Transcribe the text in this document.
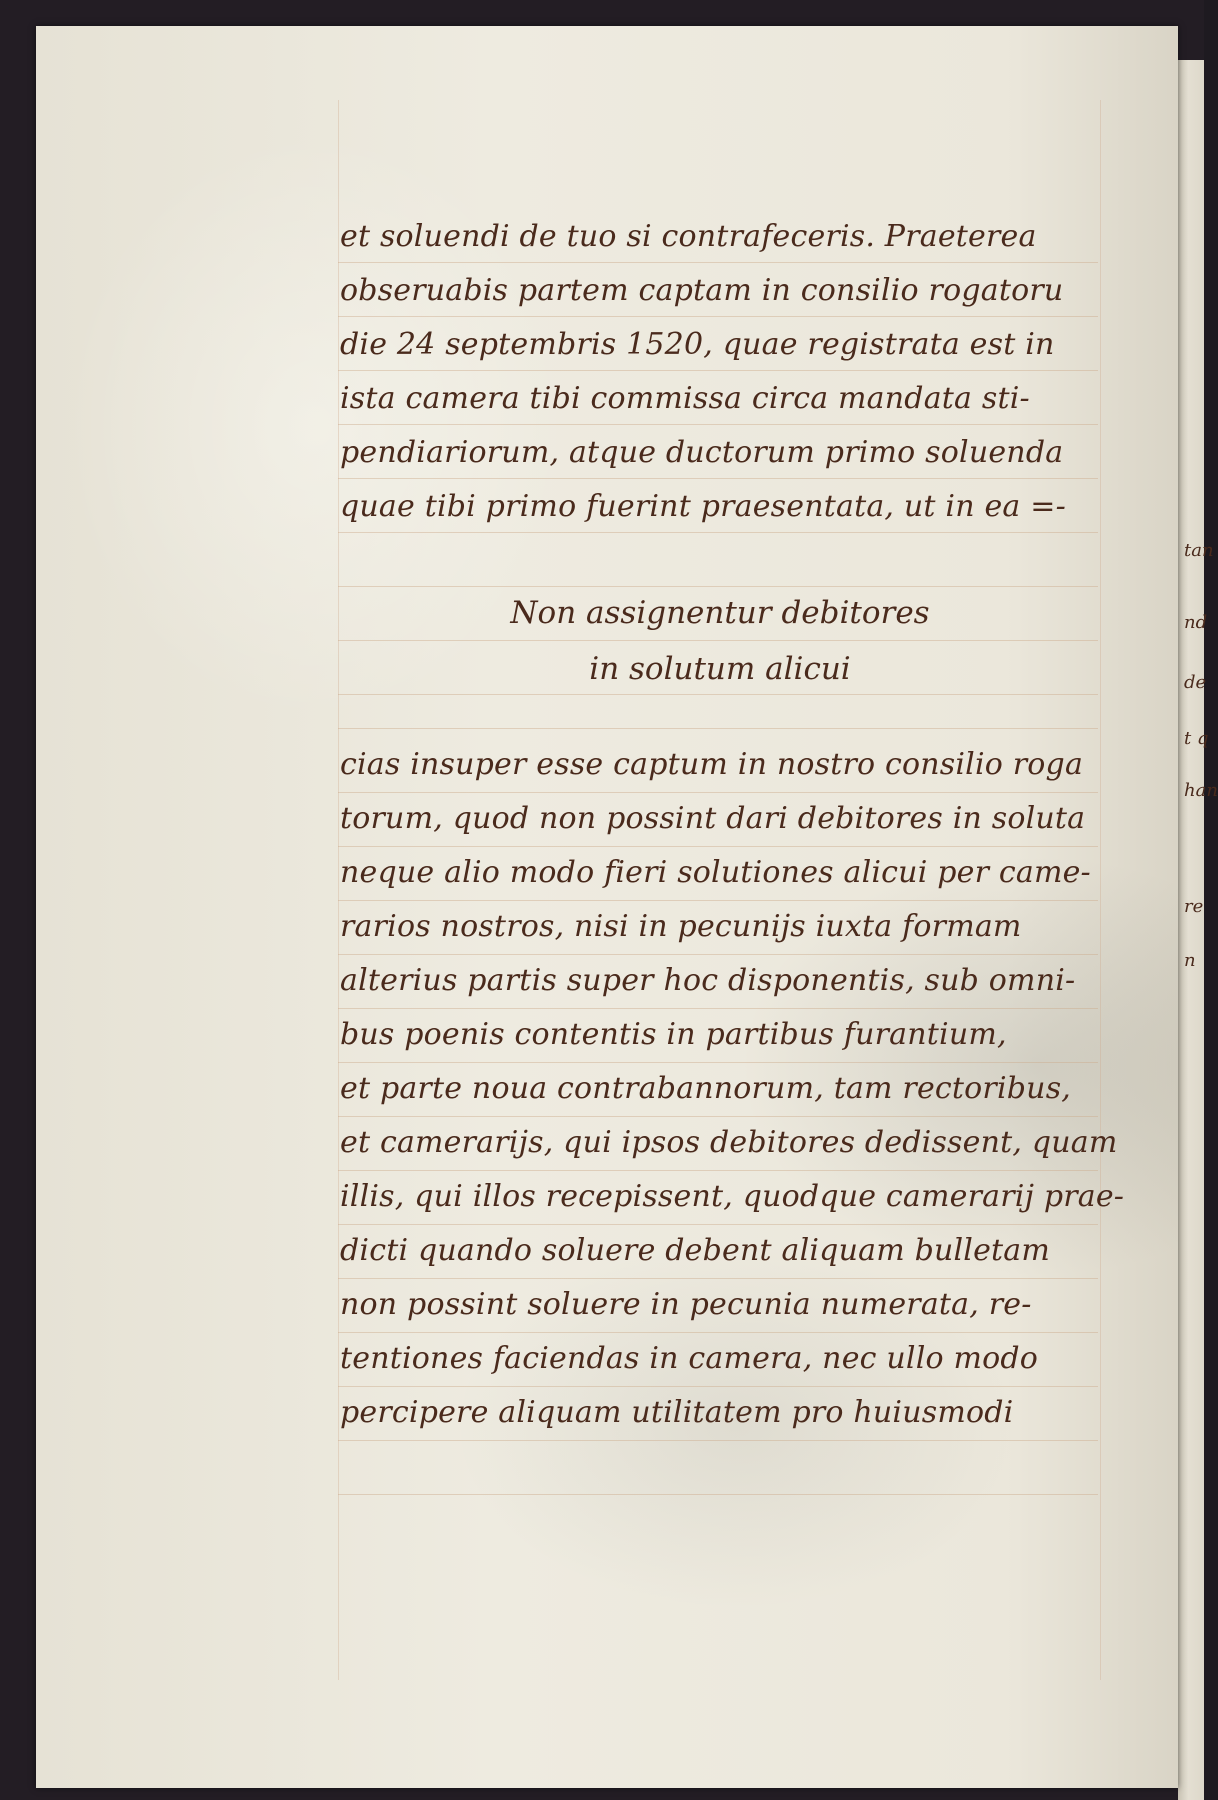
et soluendi de tuo si contrafeceris. Praeterea
obseruabis partem captam in consilio rogatoru
die 24 septembris 1520, quae registrata est in
ista camera tibi commissa circa mandata sti-
pendiariorum, atque ductorum primo soluenda
quae tibi primo fuerint praesentata, ut in ea =-
Non assignentur debitores
in solutum alicui
cias insuper esse captum in nostro consilio roga
torum, quod non possint dari debitores in soluta
neque alio modo fieri solutiones alicui per came-
rarios nostros, nisi in pecunijs iuxta formam
alterius partis super hoc disponentis, sub omni-
bus poenis contentis in partibus furantium,
et parte noua contrabannorum, tam rectoribus,
et camerarijs, qui ipsos debitores dedissent, quam
illis, qui illos recepissent, quodque camerarij prae-
dicti quando soluere debent aliquam bulletam
non possint soluere in pecunia numerata, re-
tentiones faciendas in camera, nec ullo modo
percipere aliquam utilitatem pro huiusmodi
tan
nd
de
t q
han
re
n
